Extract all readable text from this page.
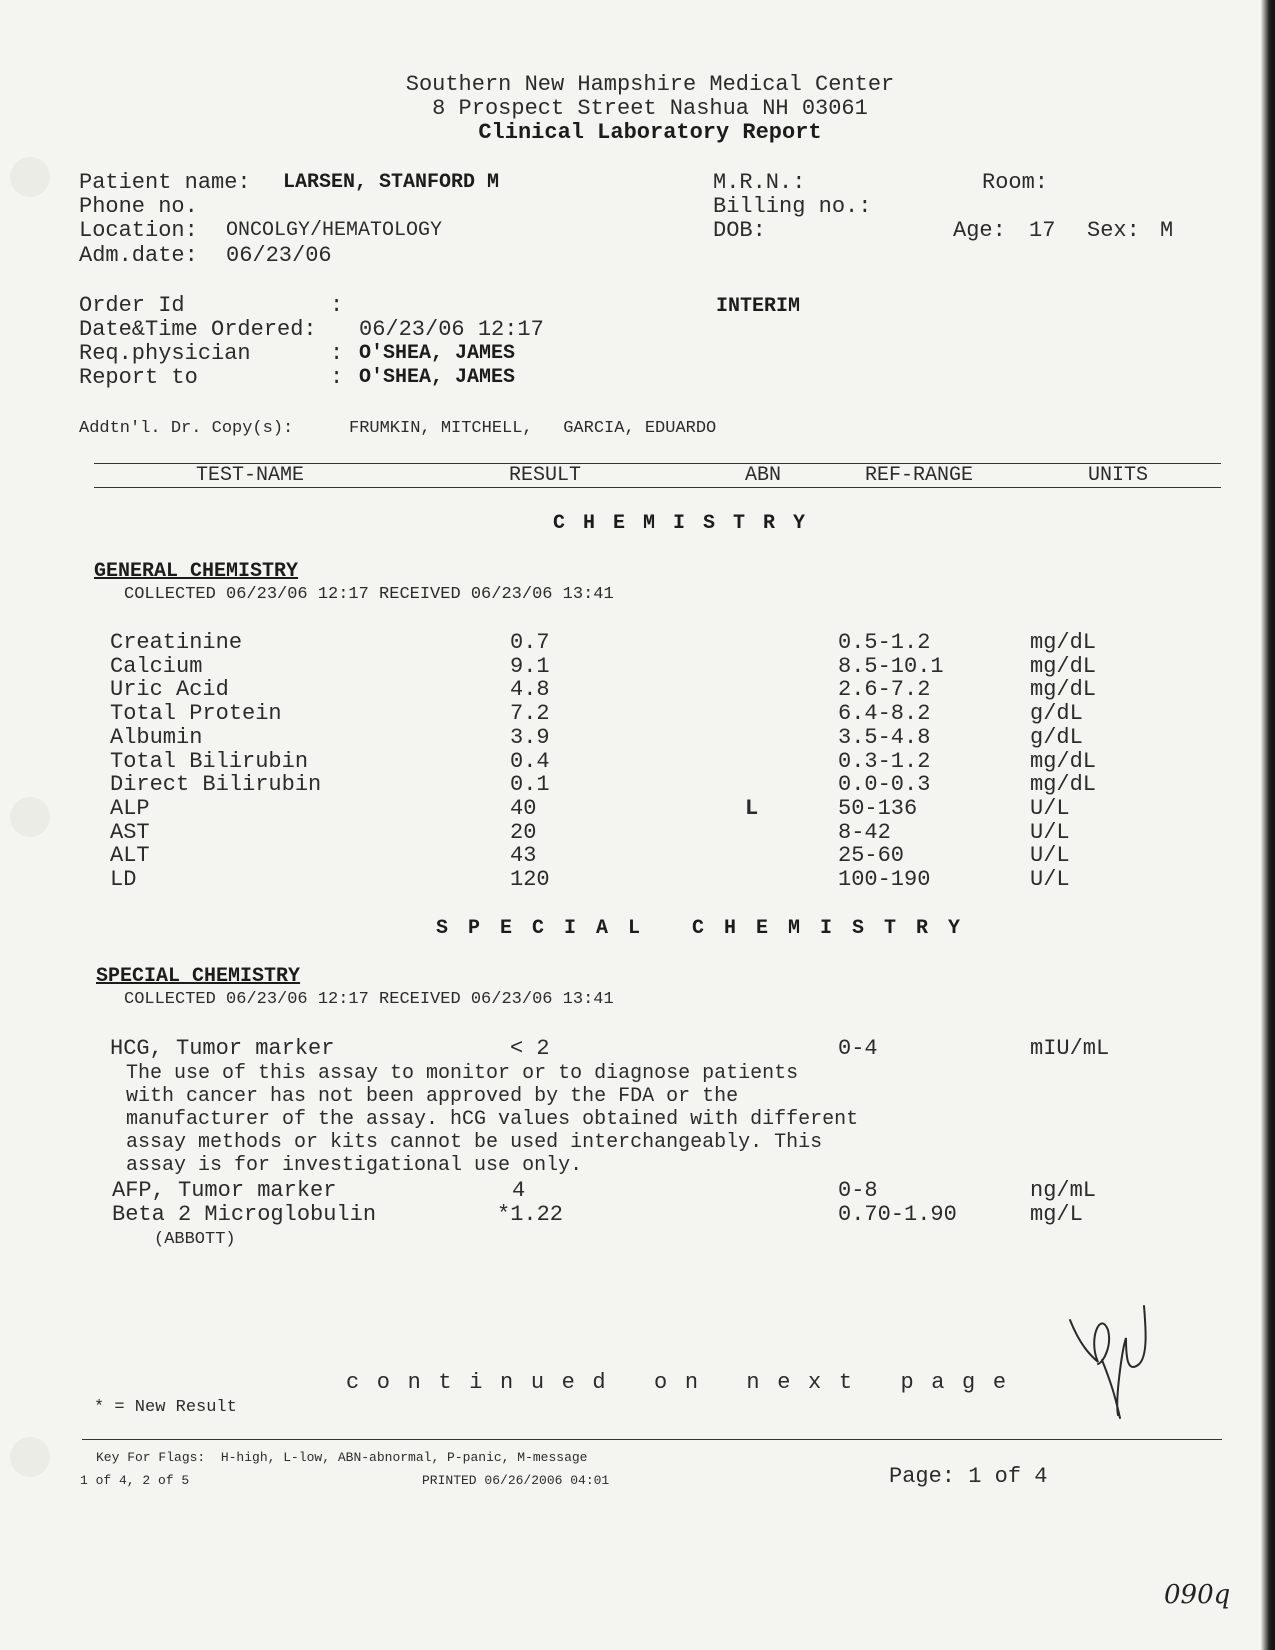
Southern New Hampshire Medical Center
8 Prospect Street Nashua NH 03061
Clinical Laboratory Report
Patient name: LARSEN, STANFORD M
Phone no.
Location: ONCOLGY/HEMATOLOGY
Adm.date: 06/23/06
M.R.N.:
Billing no.:
DOB:
Room:
Age: 17 Sex: M
Order Id	:
Date&Time Ordered: 06/23/06 12:17
Req.physician	: O'SHEA, JAMES
Report to	: O'SHEA, JAMES
INTERIM
Addtn'l. Dr. Copy(s):	FRUMKIN, MITCHELL,   GARCIA, EDUARDO
TEST-NAME	RESULT	ABN	REF-RANGE	UNITS
CHEMISTRY
GENERAL CHEMISTRY
COLLECTED 06/23/06 12:17 RECEIVED 06/23/06 13:41
Creatinine	0.7	0.5-1.2	mg/dL
Calcium	9.1	8.5-10.1	mg/dL
Uric Acid	4.8	2.6-7.2	mg/dL
Total Protein	7.2	6.4-8.2	g/dL
Albumin	3.9	3.5-4.8	g/dL
Total Bilirubin	0.4	0.3-1.2	mg/dL
Direct Bilirubin	0.1	0.0-0.3	mg/dL
ALP	40	L	50-136	U/L
AST	20	8-42	U/L
ALT	43	25-60	U/L
LD	120	100-190	U/L
SPECIAL CHEMISTRY
SPECIAL CHEMISTRY
COLLECTED 06/23/06 12:17 RECEIVED 06/23/06 13:41
HCG, Tumor marker	< 2	0-4	mIU/mL
The use of this assay to monitor or to diagnose patients
with cancer has not been approved by the FDA or the
manufacturer of the assay. hCG values obtained with different
assay methods or kits cannot be used interchangeably. This
assay is for investigational use only.
AFP, Tumor marker	4	0-8	ng/mL
Beta 2 Microglobulin	*1.22	0.70-1.90	mg/L
(ABBOTT)
continued on next page
* = New Result
Key For Flags:  H-high, L-low, ABN-abnormal, P-panic, M-message
1 of 4, 2 of 5	PRINTED 06/26/2006 04:01	Page: 1 of 4
090q
